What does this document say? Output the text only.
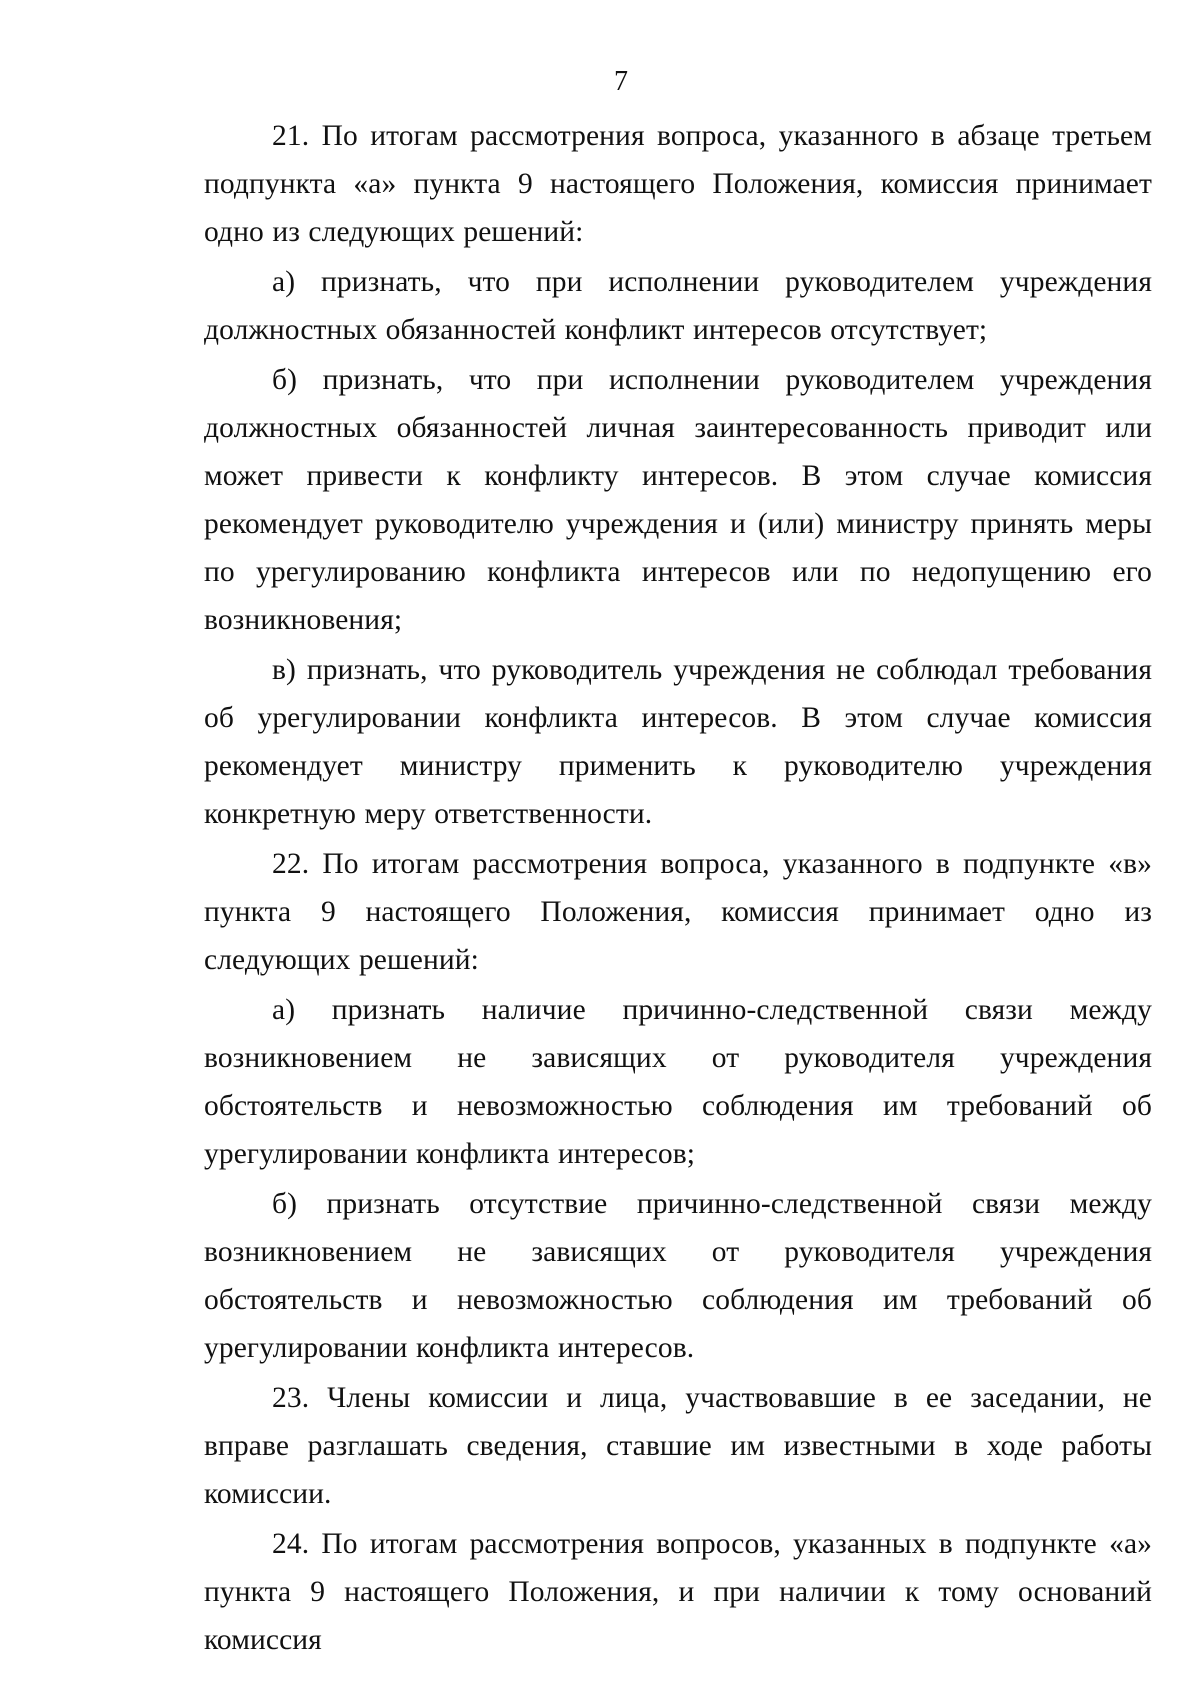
7

21. По итогам рассмотрения вопроса, указанного в абзаце третьем подпункта «а» пункта 9 настоящего Положения, комиссия принимает одно из следующих решений:

а) признать, что при исполнении руководителем учреждения должностных обязанностей конфликт интересов отсутствует;

б) признать, что при исполнении руководителем учреждения должностных обязанностей личная заинтересованность приводит или может привести к конфликту интересов. В этом случае комиссия рекомендует руководителю учреждения и (или) министру принять меры по урегулированию конфликта интересов или по недопущению его возникновения;

в) признать, что руководитель учреждения не соблюдал требования об урегулировании конфликта интересов. В этом случае комиссия рекомендует министру применить к руководителю учреждения конкретную меру ответственности.

22. По итогам рассмотрения вопроса, указанного в подпункте «в» пункта 9 настоящего Положения, комиссия принимает одно из следующих решений:

а) признать наличие причинно-следственной связи между возникновением не зависящих от руководителя учреждения обстоятельств и невозможностью соблюдения им требований об урегулировании конфликта интересов;

б) признать отсутствие причинно-следственной связи между возникновением не зависящих от руководителя учреждения обстоятельств и невозможностью соблюдения им требований об урегулировании конфликта интересов.

23. Члены комиссии и лица, участвовавшие в ее заседании, не вправе разглашать сведения, ставшие им известными в ходе работы комиссии.

24. По итогам рассмотрения вопросов, указанных в подпункте «а» пункта 9 настоящего Положения, и при наличии к тому оснований комиссия
